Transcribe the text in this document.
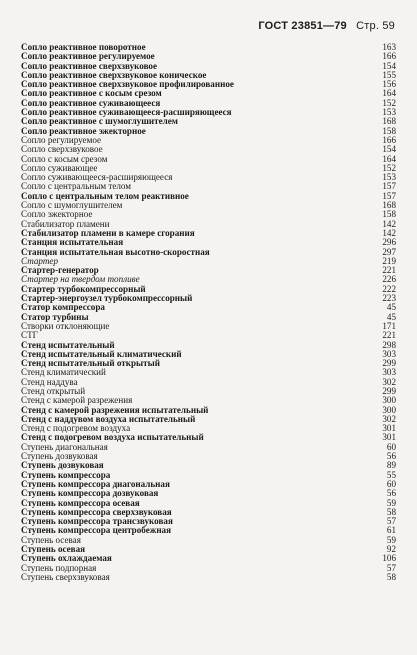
ГОСТ 23851—79 Стр. 59
Сопло реактивное поворотное	163
Сопло реактивное регулируемое	166
Сопло реактивное сверхзвуковое	154
Сопло реактивное сверхзвуковое коническое	155
Сопло реактивное сверхзвуковое профилированное	156
Сопло реактивное с косым срезом	164
Сопло реактивное суживающееся	152
Сопло реактивное суживающееся-расширяющееся	153
Сопло реактивное с шумоглушителем	168
Сопло реактивное эжекторное	158
Сопло регулируемое	166
Сопло сверхзвуковое	154
Сопло с косым срезом	164
Сопло суживающее	152
Сопло суживающееся-расширяющееся	153
Сопло с центральным телом	157
Сопло с центральным телом реактивное	157
Сопло с шумоглушителем	168
Сопло эжекторное	158
Стабилизатор пламени	142
Стабилизатор пламени в камере сгорания	142
Станция испытательная	296
Станция испытательная высотно-скоростная	297
Стартер	219
Стартер-генератор	221
Стартер на твердом топливе	226
Стартер турбокомпрессорный	222
Стартер-энергоузел турбокомпрессорный	223
Статор компрессора	45
Статор турбины	45
Створки отклоняющие	171
СТГ	221
Стенд испытательный	298
Стенд испытательный климатический	303
Стенд испытательный открытый	299
Стенд климатический	303
Стенд наддува	302
Стенд открытый	299
Стенд с камерой разрежения	300
Стенд с камерой разрежения испытательный	300
Стенд с наддувом воздуха испытательный	302
Стенд с подогревом воздуха	301
Стенд с подогревом воздуха испытательный	301
Ступень диагональная	60
Ступень дозвуковая	56
Ступень дозвуковая	89
Ступень компрессора	55
Ступень компрессора диагональная	60
Ступень компрессора дозвуковая	56
Ступень компрессора осевая	59
Ступень компрессора сверхзвуковая	58
Ступень компрессора трансзвуковая	57
Ступень компрессора центробежная	61
Ступень осевая	59
Ступень осевая	92
Ступень охлаждаемая	106
Ступень подпорная	57
Ступень сверхзвуковая	58
